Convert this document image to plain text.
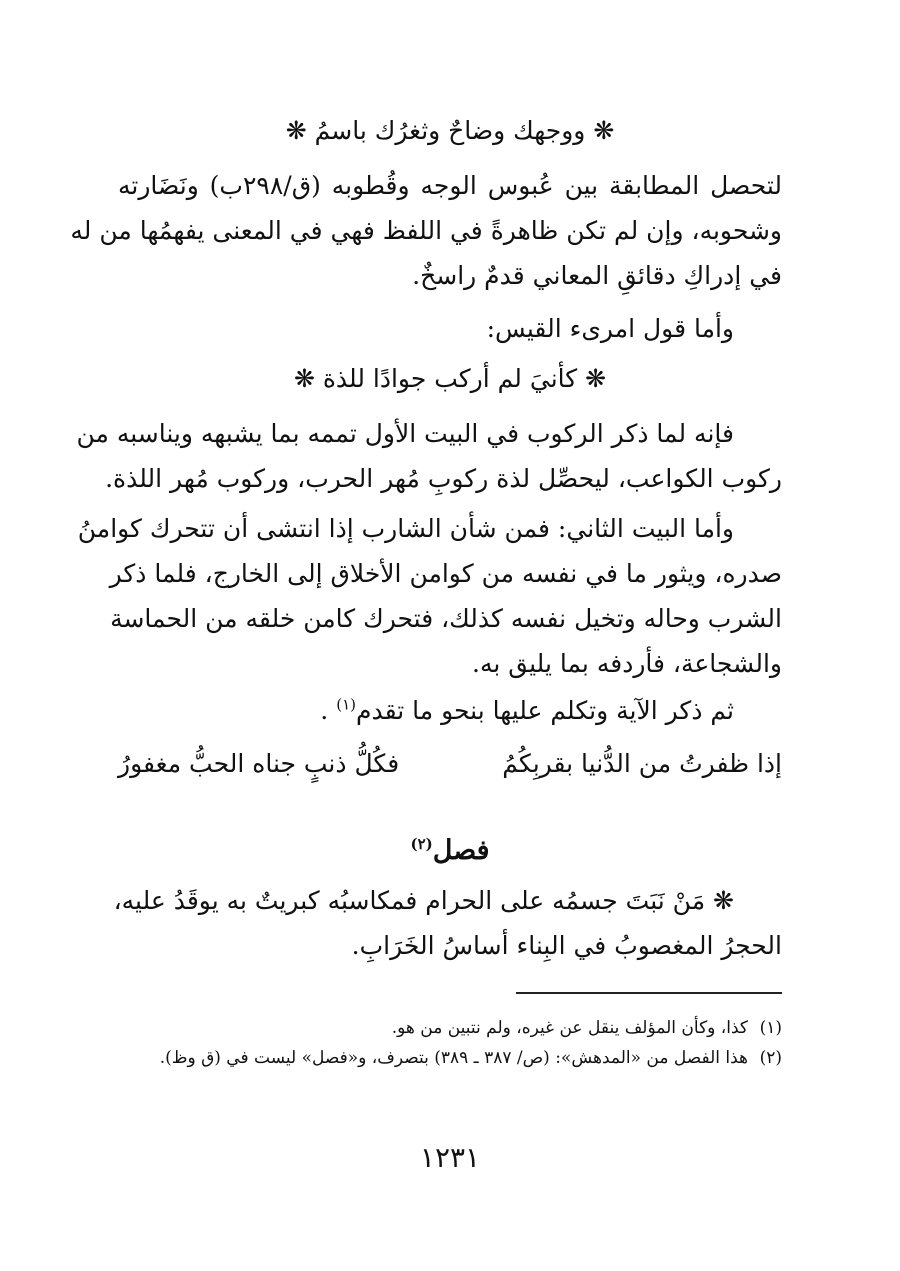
❋ ووجهك وضاحٌ وثغرُك باسمُ ❋
لتحصل المطابقة بين عُبوس الوجه وقُطوبه (ق/٢٩٨ب) ونَضَارته
وشحوبه، وإن لم تكن ظاهرةً في اللفظ فهي في المعنى يفهمُها من له
في إدراكِ دقائقِ المعاني قدمٌ راسخٌ.
وأما قول امرىء القيس:
❋ كأنيَ لم أركب جوادًا للذة ❋
فإنه لما ذكر الركوب في البيت الأول تممه بما يشبهه ويناسبه من
ركوب الكواعب، ليحصِّل لذة ركوبِ مُهر الحرب، وركوب مُهر اللذة.
وأما البيت الثاني: فمن شأن الشارب إذا انتشى أن تتحرك كوامنُ
صدره، ويثور ما في نفسه من كوامن الأخلاق إلى الخارج، فلما ذكر
الشرب وحاله وتخيل نفسه كذلك، فتحرك كامن خلقه من الحماسة
والشجاعة، فأردفه بما يليق به.
ثم ذكر الآية وتكلم عليها بنحو ما تقدم$^{(١)}$ .
إذا ظفرتُ من الدُّنيا بقربِكُمُ
فكُلُّ ذنبٍ جناه الحبُّ مغفورُ
فصل$^{(٢)}$
❋ مَنْ نَبَتَ جسمُه على الحرام فمكاسبُه كبريتٌ به يوقَدُ عليه،
الحجرُ المغصوبُ في البِناء أساسُ الخَرَابِ.
(١)
كذا، وكأن المؤلف ينقل عن غيره، ولم نتبين من هو.
(٢)
هذا الفصل من «المدهش»: (ص/ ٣٨٧ ـ ٣٨٩) بتصرف، و«فصل» ليست في (ق وظ).
١٢٣١
